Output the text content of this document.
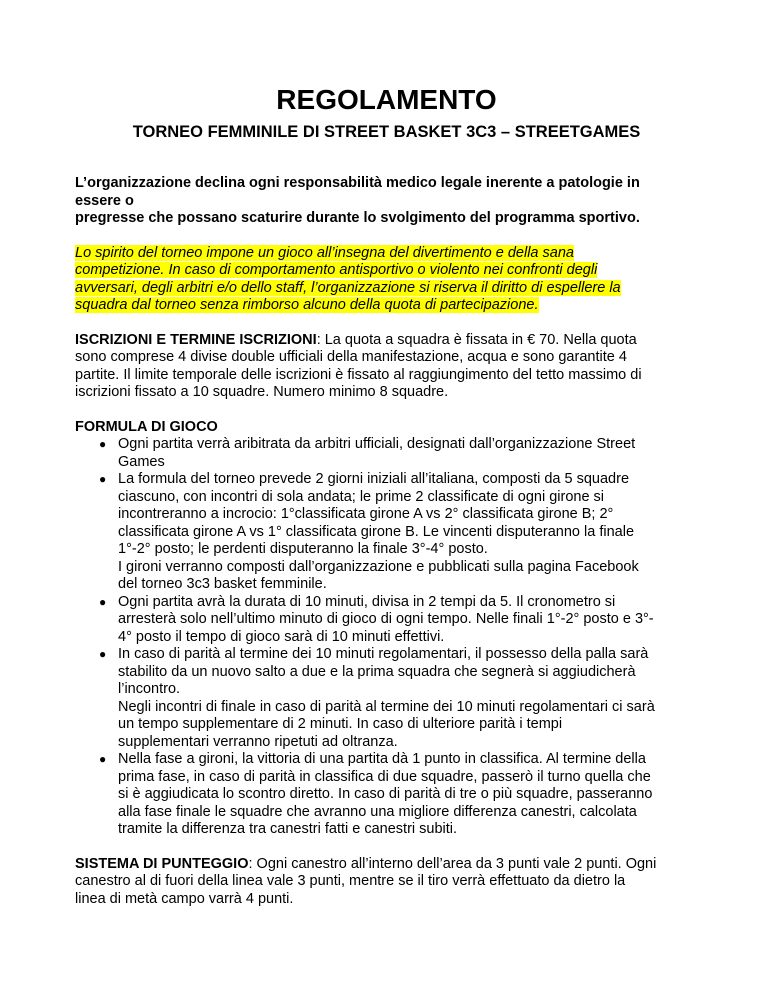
REGOLAMENTO
TORNEO FEMMINILE DI STREET BASKET 3C3 – STREETGAMES
L’organizzazione declina ogni responsabilità medico legale inerente a patologie in
essere o
pregresse che possano scaturire durante lo svolgimento del programma sportivo.
Lo spirito del torneo impone un gioco all’insegna del divertimento e della sana
competizione. In caso di comportamento antisportivo o violento nei confronti degli
avversari, degli arbitri e/o dello staff, l’organizzazione si riserva il diritto di espellere la
squadra dal torneo senza rimborso alcuno della quota di partecipazione.
ISCRIZIONI E TERMINE ISCRIZIONI: La quota a squadra è fissata in € 70. Nella quota
sono comprese 4 divise double ufficiali della manifestazione, acqua e sono garantite 4
partite. Il limite temporale delle iscrizioni è fissato al raggiungimento del tetto massimo di
iscrizioni fissato a 10 squadre. Numero minimo 8 squadre.
FORMULA DI GIOCO
● Ogni partita verrà aribitrata da arbitri ufficiali, designati dall’organizzazione Street
Games
● La formula del torneo prevede 2 giorni iniziali all’italiana, composti da 5 squadre
ciascuno, con incontri di sola andata; le prime 2 classificate di ogni girone si
incontreranno a incrocio: 1°classificata girone A vs 2° classificata girone B; 2°
classificata girone A vs 1° classificata girone B. Le vincenti disputeranno la finale
1°-2° posto; le perdenti disputeranno la finale 3°-4° posto.
I gironi verranno composti dall’organizzazione e pubblicati sulla pagina Facebook
del torneo 3c3 basket femminile.
● Ogni partita avrà la durata di 10 minuti, divisa in 2 tempi da 5. Il cronometro si
arresterà solo nell’ultimo minuto di gioco di ogni tempo. Nelle finali 1°-2° posto e 3°-
4° posto il tempo di gioco sarà di 10 minuti effettivi.
● In caso di parità al termine dei 10 minuti regolamentari, il possesso della palla sarà
stabilito da un nuovo salto a due e la prima squadra che segnerà si aggiudicherà
l’incontro.
Negli incontri di finale in caso di parità al termine dei 10 minuti regolamentari ci sarà
un tempo supplementare di 2 minuti. In caso di ulteriore parità i tempi
supplementari verranno ripetuti ad oltranza.
● Nella fase a gironi, la vittoria di una partita dà 1 punto in classifica. Al termine della
prima fase, in caso di parità in classifica di due squadre, passerò il turno quella che
si è aggiudicata lo scontro diretto. In caso di parità di tre o più squadre, passeranno
alla fase finale le squadre che avranno una migliore differenza canestri, calcolata
tramite la differenza tra canestri fatti e canestri subiti.
SISTEMA DI PUNTEGGIO: Ogni canestro all’interno dell’area da 3 punti vale 2 punti. Ogni
canestro al di fuori della linea vale 3 punti, mentre se il tiro verrà effettuato da dietro la
linea di metà campo varrà 4 punti.
